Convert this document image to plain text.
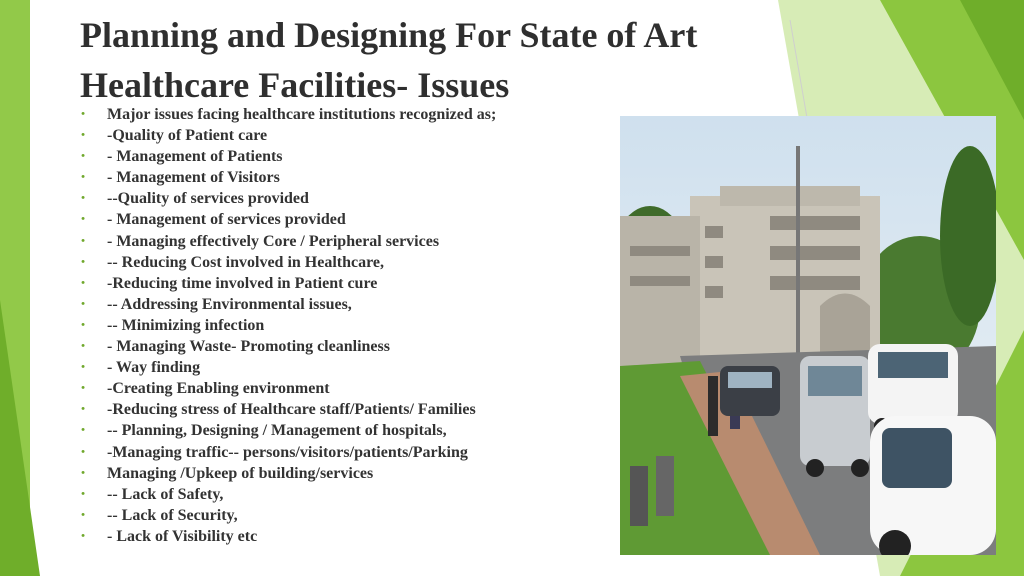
Planning and Designing For State of Art
Healthcare Facilities- Issues
• Major issues facing healthcare institutions recognized as;
• -Quality of Patient care
• - Management of Patients
• - Management of Visitors
• --Quality of services provided
• - Management of services provided
• - Managing effectively Core / Peripheral services
• -- Reducing Cost involved in Healthcare,
• -Reducing time involved in Patient cure
• -- Addressing Environmental issues,
• -- Minimizing infection
• - Managing Waste- Promoting cleanliness
• - Way finding
• -Creating Enabling environment
• -Reducing stress of Healthcare staff/Patients/ Families
• -- Planning, Designing / Management of hospitals,
• -Managing traffic-- persons/visitors/patients/Parking
• Managing /Upkeep of building/services
• -- Lack of Safety,
• -- Lack of Security,
• - Lack of Visibility etc
